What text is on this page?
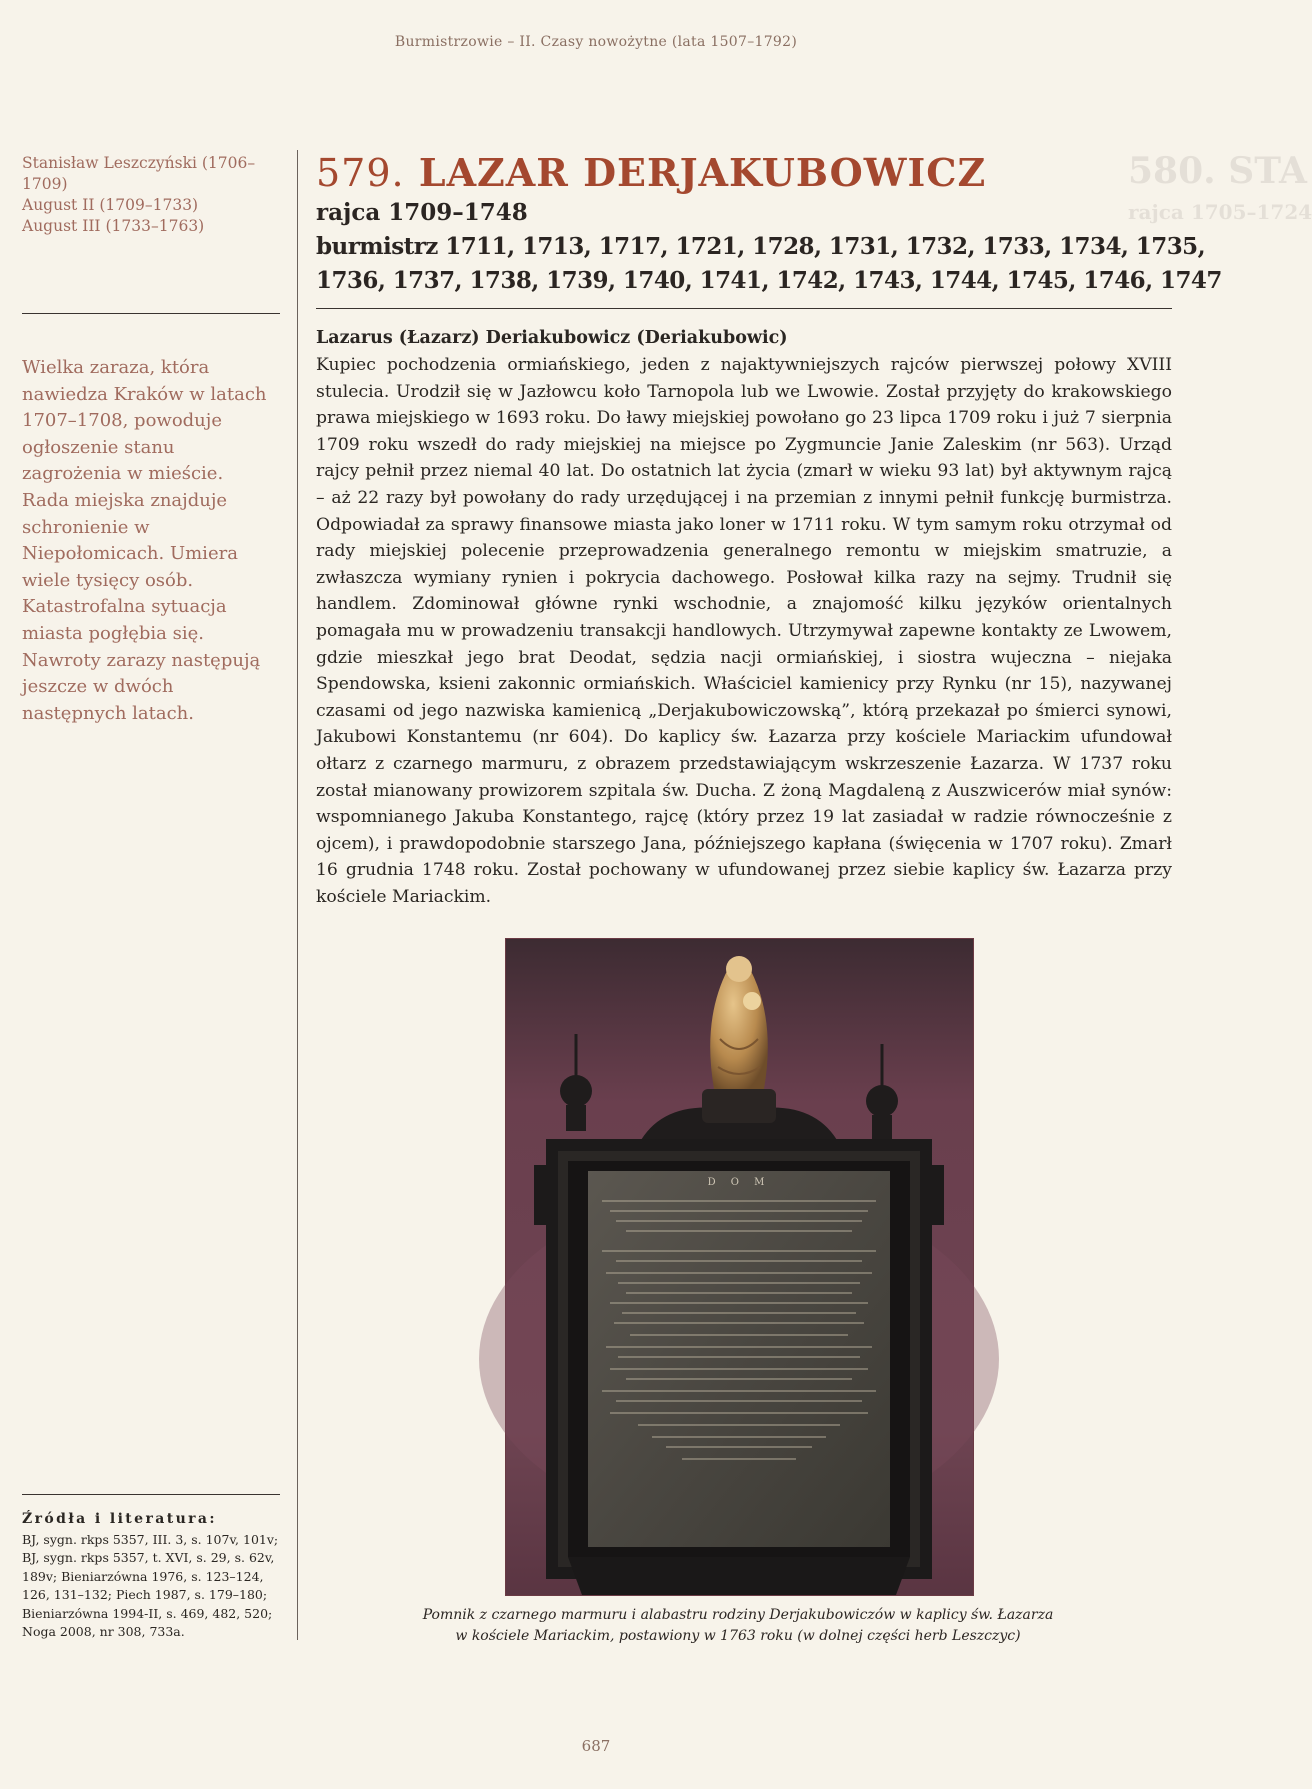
Burmistrzowie – II. Czasy nowożytne (lata 1507–1792)
Stanisław Leszczyński (1706–1709)
August II (1709–1733)
August III (1733–1763)
Wielka zaraza, która nawiedza Kraków w latach 1707–1708, powoduje ogłoszenie stanu zagrożenia w mieście. Rada miejska znajduje schronienie w Niepołomicach. Umiera wiele tysięcy osób. Katastrofalna sytuacja miasta pogłębia się. Nawroty zarazy następują jeszcze w dwóch następnych latach.
Źródła i literatura:
BJ, sygn. rkps 5357, III. 3, s. 107v, 101v; BJ, sygn. rkps 5357, t. XVI, s. 29, s. 62v, 189v; Bieniarzówna 1976, s. 123–124, 126, 131–132; Piech 1987, s. 179–180; Bieniarzówna 1994-II, s. 469, 482, 520; Noga 2008, nr 308, 733a.
580. STA
rajca 1705–1724
579. LAZAR DERJAKUBOWICZ
rajca 1709–1748
burmistrz 1711, 1713, 1717, 1721, 1728, 1731, 1732, 1733, 1734, 1735,
1736, 1737, 1738, 1739, 1740, 1741, 1742, 1743, 1744, 1745, 1746, 1747
Lazarus (Łazarz) Deriakubowicz (Deriakubowic)

Kupiec pochodzenia ormiańskiego, jeden z najaktywniejszych rajców pierwszej połowy XVIII stulecia. Urodził się w Jazłowcu koło Tarnopola lub we Lwowie. Został przyjęty do krakowskiego prawa miejskiego w 1693 roku. Do ławy miejskiej powołano go 23 lipca 1709 roku i już 7 sierpnia 1709 roku wszedł do rady miejskiej na miejsce po Zygmuncie Janie Zaleskim (nr 563). Urząd rajcy pełnił przez niemal 40 lat. Do ostatnich lat życia (zmarł w wieku 93 lat) był aktywnym rajcą – aż 22 razy był powołany do rady urzędującej i na przemian z innymi pełnił funkcję burmistrza. Odpowiadał za sprawy finansowe miasta jako loner w 1711 roku. W tym samym roku otrzymał od rady miejskiej polecenie przeprowadzenia generalnego remontu w miejskim smatruzie, a zwłaszcza wymiany rynien i pokrycia dachowego. Posłował kilka razy na sejmy. Trudnił się handlem. Zdominował główne rynki wschodnie, a znajomość kilku języków orientalnych pomagała mu w prowadzeniu transakcji handlowych. Utrzymywał zapewne kontakty ze Lwowem, gdzie mieszkał jego brat Deodat, sędzia nacji ormiańskiej, i siostra wujeczna – niejaka Spendowska, ksieni zakonnic ormiańskich. Właściciel kamienicy przy Rynku (nr 15), nazywanej czasami od jego nazwiska kamienicą „Derjakubowiczowską”, którą przekazał po śmierci synowi, Jakubowi Konstantemu (nr 604). Do kaplicy św. Łazarza przy kościele Mariackim ufundował ołtarz z czarnego marmuru, z obrazem przedstawiającym wskrzeszenie Łazarza. W 1737 roku został mianowany prowizorem szpitala św. Ducha. Z żoną Magdaleną z Auszwicerów miał synów: wspomnianego Jakuba Konstantego, rajcę (który przez 19 lat zasiadał w radzie równocześnie z ojcem), i prawdopodobnie starszego Jana, późniejszego kapłana (święcenia w 1707 roku). Zmarł 16 grudnia 1748 roku. Został pochowany w ufundowanej przez siebie kaplicy św. Łazarza przy kościele Mariackim.

D O M
Pomnik z czarnego marmuru i alabastru rodziny Derjakubowiczów w kaplicy św. Łazarza
w kościele Mariackim, postawiony w 1763 roku (w dolnej części herb Leszczyc)
687
